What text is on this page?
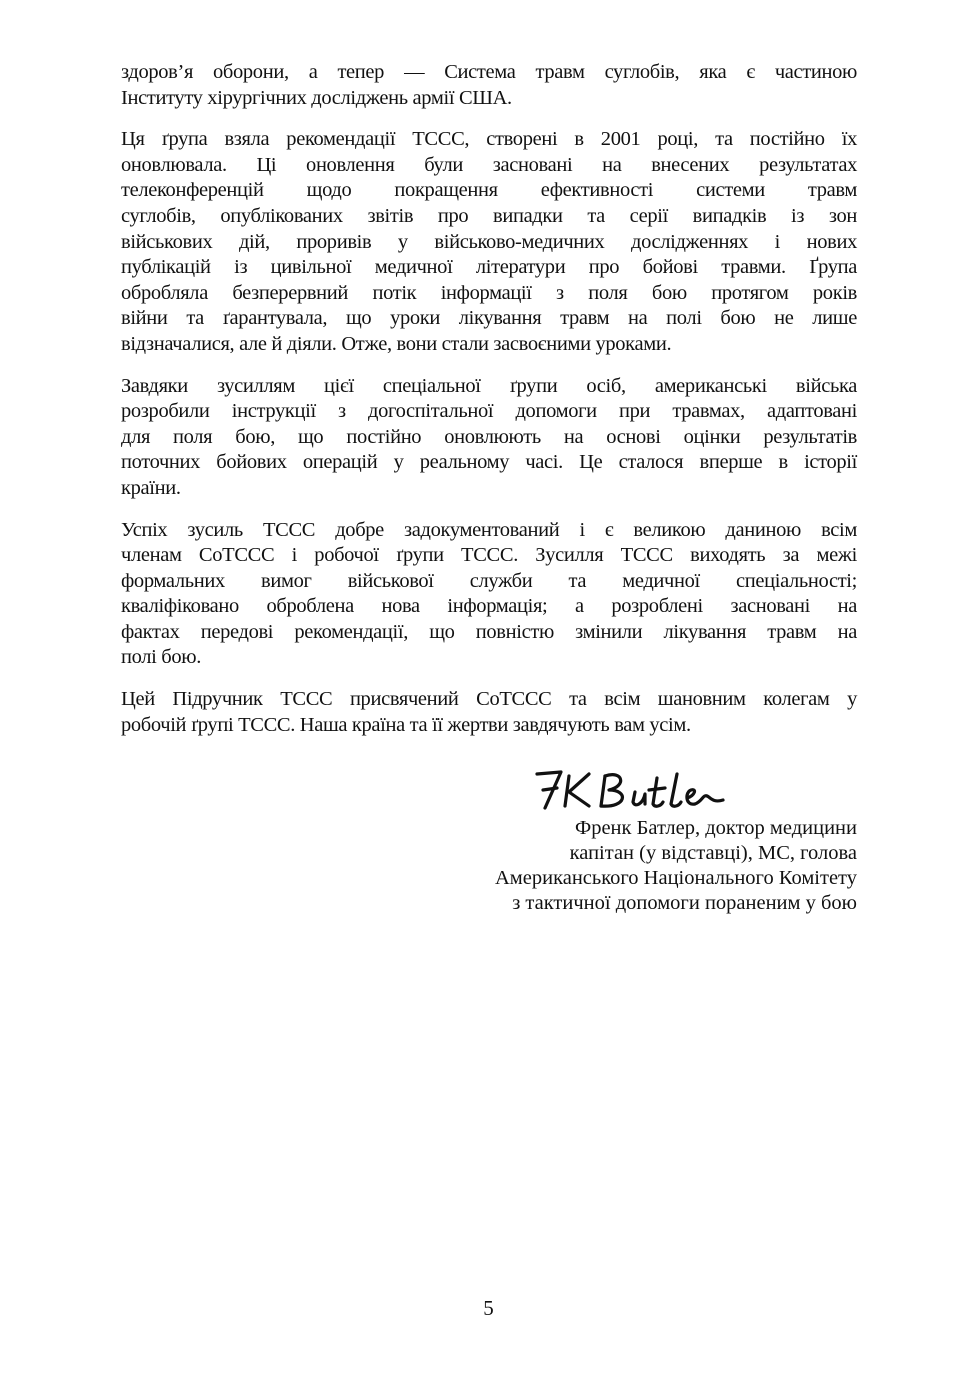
здоров’я оборони, а тепер — Система травм суглобів, яка є частиною
Інституту хірургічних досліджень армії США.

Ця ґрупа взяла рекомендації TCCC, створені в 2001 році, та постійно їх
оновлювала. Ці оновлення були засновані на внесених результатах
телеконференцій щодо покращення ефективності системи травм
суглобів, опублікованих звітів про випадки та серії випадків із зон
військових дій, проривів у військово-медичних дослідженнях і нових
публікацій із цивільної медичної літератури про бойові травми. Ґрупа
обробляла безперервний потік інформації з поля бою протягом років
війни та ґарантувала, що уроки лікування травм на полі бою не лише
відзначалися, але й діяли. Отже, вони стали засвоєними уроками.

Завдяки зусиллям цієї спеціальної ґрупи осіб, американські війська
розробили інструкції з догоспітальної допомоги при травмах, адаптовані
для поля бою, що постійно оновлюють на основі оцінки результатів
поточних бойових операцій у реальному часі. Це сталося вперше в історії
країни.

Успіх зусиль TCCC добре задокументований і є великою даниною всім
членам CoTCCC і робочої ґрупи TCCC. Зусилля TCCC виходять за межі
формальних вимог військової служби та медичної спеціальності;
кваліфіковано оброблена нова інформація; а розроблені засновані на
фактах передові рекомендації, що повністю змінили лікування травм на
полі бою.

Цей Підручник TCCC присвячений CoTCCC та всім шановним колегам у
робочій ґрупі TCCC. Наша країна та її жертви завдячують вам усім.

Френк Батлер, доктор медицини
капітан (у відставці), MC, голова
Американського Національного Комітету
з тактичної допомоги пораненим у бою
5
